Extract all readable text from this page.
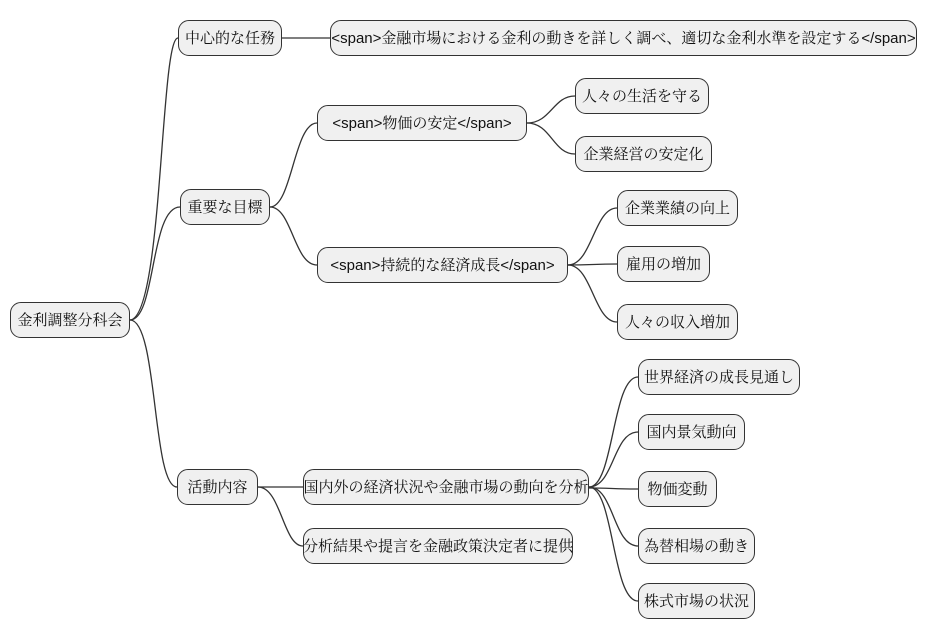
金利調整分科会
中心的な任務	<span>金融市場における金利の動きを詳しく調べ、適切な金利水準を設定する</span>
重要な目標
<span>物価の安定</span>
人々の生活を守る
企業経営の安定化
<span>持続的な経済成長</span>
企業業績の向上
雇用の増加
人々の収入増加
活動内容	国内外の経済状況や金融市場の動向を分析
世界経済の成長見通し
国内景気動向
物価変動
為替相場の動き
株式市場の状況
分析結果や提言を金融政策決定者に提供
